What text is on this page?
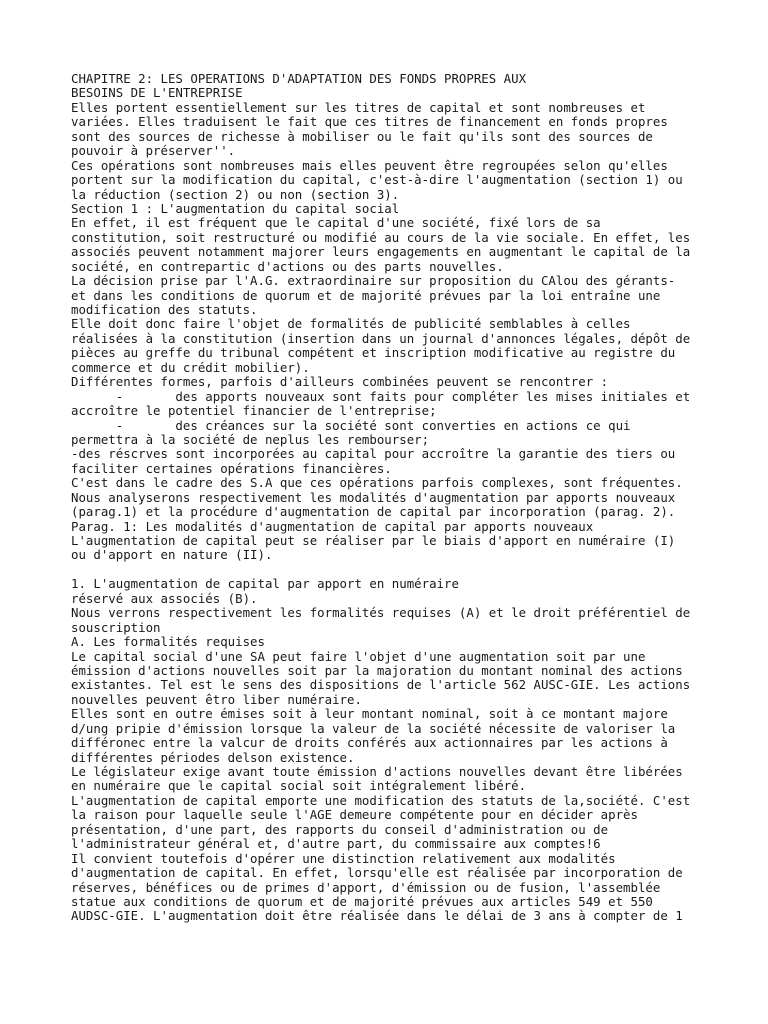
CHAPITRE 2: LES OPERATIONS D'ADAPTATION DES FONDS PROPRES AUX
BESOINS DE L'ENTREPRISE
Elles portent essentiellement sur les titres de capital et sont nombreuses et
variées. Elles traduisent le fait que ces titres de financement en fonds propres
sont des sources de richesse à mobiliser ou le fait qu'ils sont des sources de
pouvoir à préserver''.
Ces opérations sont nombreuses mais elles peuvent être regroupées selon qu'elles
portent sur la modification du capital, c'est-à-dire l'augmentation (section 1) ou
la réduction (section 2) ou non (section 3).
Section 1 : L'augmentation du capital social
En effet, il est fréquent que le capital d'une société, fixé lors de sa
constitution, soit restructuré ou modifié au cours de la vie sociale. En effet, les
associés peuvent notamment majorer leurs engagements en augmentant le capital de la
société, en contrepartic d'actions ou des parts nouvelles.
La décision prise par l'A.G. extraordinaire sur proposition du CAlou des gérants-
et dans les conditions de quorum et de majorité prévues par la loi entraîne une
modification des statuts.
Elle doit donc faire l'objet de formalités de publicité semblables à celles
réalisées à la constitution (insertion dans un journal d'annonces légales, dépôt de
pièces au greffe du tribunal compétent et inscription modificative au registre du
commerce et du crédit mobilier).
Différentes formes, parfois d'ailleurs combinées peuvent se rencontrer :
-       des apports nouveaux sont faits pour compléter les mises initiales et
accroître le potentiel financier de l'entreprise;
-       des créances sur la société sont converties en actions ce qui
permettra à la société de neplus les rembourser;
-des réscrves sont incorporées au capital pour accroître la garantie des tiers ou
faciliter certaines opérations financières.
C'est dans le cadre des S.A que ces opérations parfois complexes, sont fréquentes.
Nous analyserons respectivement les modalités d'augmentation par apports nouveaux
(parag.1) et la procédure d'augmentation de capital par incorporation (parag. 2).
Parag. 1: Les modalités d'augmentation de capital par apports nouveaux
L'augmentation de capital peut se réaliser par le biais d'apport en numéraire (I)
ou d'apport en nature (II).
1. L'augmentation de capital par apport en numéraire
réservé aux associés (B).
Nous verrons respectivement les formalités requises (A) et le droit préférentiel de
souscription
A. Les formalités requises
Le capital social d'une SA peut faire l'objet d'une augmentation soit par une
émission d'actions nouvelles soit par la majoration du montant nominal des actions
existantes. Tel est le sens des dispositions de l'article 562 AUSC-GIE. Les actions
nouvelles peuvent êtro liber numéraire.
Elles sont en outre émises soit à leur montant nominal, soit à ce montant majore
d/ung pripie d'émission lorsque la valeur de la société nécessite de valoriser la
différonec entre la valcur de droits conférés aux actionnaires par les actions à
différentes périodes delson existence.
Le législateur exige avant toute émission d'actions nouvelles devant être libérées
en numéraire que le capital social soit intégralement libéré.
L'augmentation de capital emporte une modification des statuts de la,société. C'est
la raison pour laquelle seule l'AGE demeure compétente pour en décider après
présentation, d'une part, des rapports du conseil d'administration ou de
l'administrateur général et, d'autre part, du commissaire aux comptes!6
Il convient toutefois d'opérer une distinction relativement aux modalités
d'augmentation de capital. En effet, lorsqu'elle est réalisée par incorporation de
réserves, bénéfices ou de primes d'apport, d'émission ou de fusion, l'assemblée
statue aux conditions de quorum et de majorité prévues aux articles 549 et 550
AUDSC-GIE. L'augmentation doit être réalisée dans le délai de 3 ans à compter de 1
